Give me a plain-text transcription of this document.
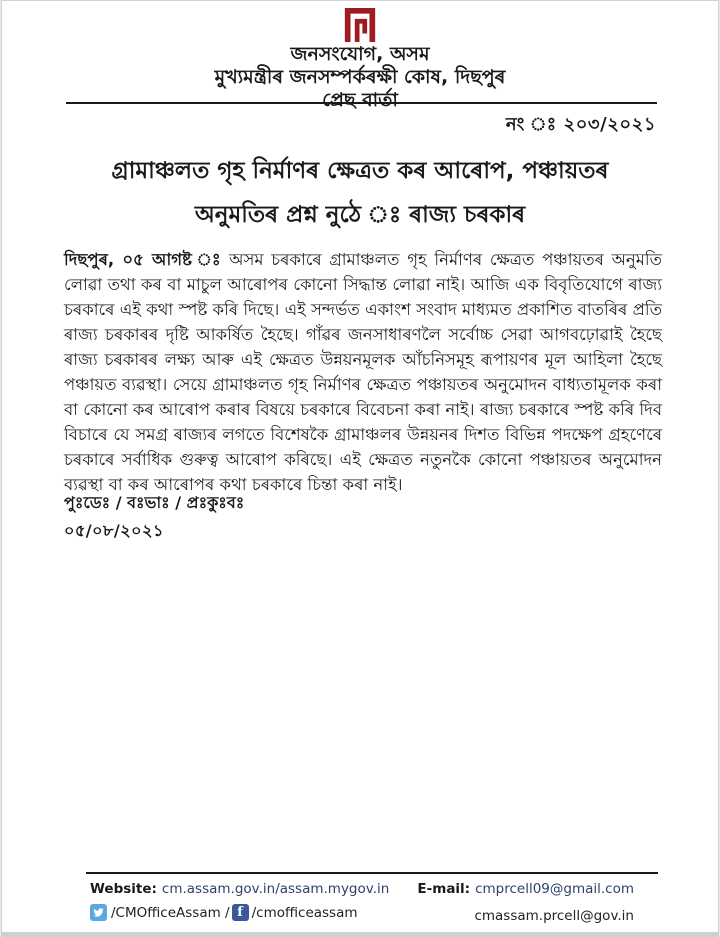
জনসংযোগ, অসম
মুখ্যমন্ত্ৰীৰ জনসম্পৰ্কৰক্ষী কোষ, দিছপুৰ
প্ৰেছ বাৰ্তা
নং ঃ ২০৩/২০২১
গ্ৰামাঞ্চলত গৃহ নিৰ্মাণৰ ক্ষেত্ৰত কৰ আৰোপ, পঞ্চায়তৰ
অনুমতিৰ প্ৰশ্ন নুঠে ঃ ৰাজ্য চৰকাৰ

দিছপুৰ, ০৫ আগষ্ট ঃ অসম চৰকাৰে গ্ৰামাঞ্চলত গৃহ নিৰ্মাণৰ ক্ষেত্ৰত পঞ্চায়তৰ অনুমতি লোৱা তথা কৰ বা মাচুল আৰোপৰ কোনো সিদ্ধান্ত লোৱা নাই। আজি এক বিবৃতিযোগে ৰাজ্য চৰকাৰে এই কথা স্পষ্ট কৰি দিছে। এই সন্দৰ্ভত একাংশ সংবাদ মাধ্যমত প্ৰকাশিত বাতৰিৰ প্ৰতি ৰাজ্য চৰকাৰৰ দৃষ্টি আকৰ্ষিত হৈছে। গাঁৱৰ জনসাধাৰণলৈ সৰ্বোচ্চ সেৱা আগবঢ়োৱাই হৈছে ৰাজ্য চৰকাৰৰ লক্ষ্য আৰু এই ক্ষেত্ৰত উন্নয়নমূলক আঁচনিসমূহ ৰূপায়ণৰ মূল আহিলা হৈছে পঞ্চায়ত ব্যৱস্থা। সেয়ে গ্ৰামাঞ্চলত গৃহ নিৰ্মাণৰ ক্ষেত্ৰত পঞ্চায়তৰ অনুমোদন বাধ্যতামূলক কৰা বা কোনো কৰ আৰোপ কৰাৰ বিষয়ে চৰকাৰে বিবেচনা কৰা নাই। ৰাজ্য চৰকাৰে স্পষ্ট কৰি দিব বিচাৰে যে সমগ্ৰ ৰাজ্যৰ লগতে বিশেষকৈ গ্ৰামাঞ্চলৰ উন্নয়নৰ দিশত বিভিন্ন পদক্ষেপ গ্ৰহণেৰে চৰকাৰে সৰ্বাধিক গুৰুত্ব আৰোপ কৰিছে। এই ক্ষেত্ৰত নতুনকৈ কোনো পঞ্চায়তৰ অনুমোদন ব্যৱস্থা বা কৰ আৰোপৰ কথা চৰকাৰে চিন্তা কৰা নাই।

পুঃডেঃ / বঃভাঃ / প্ৰঃকুঃবঃ
০৫/০৮/২০২১
Website: cm.assam.gov.in/assam.mygov.in E-mail: cmprcell09@gmail.com
/CMOfficeAssam / f /cmofficeassam	cmassam.prcell@gov.in
